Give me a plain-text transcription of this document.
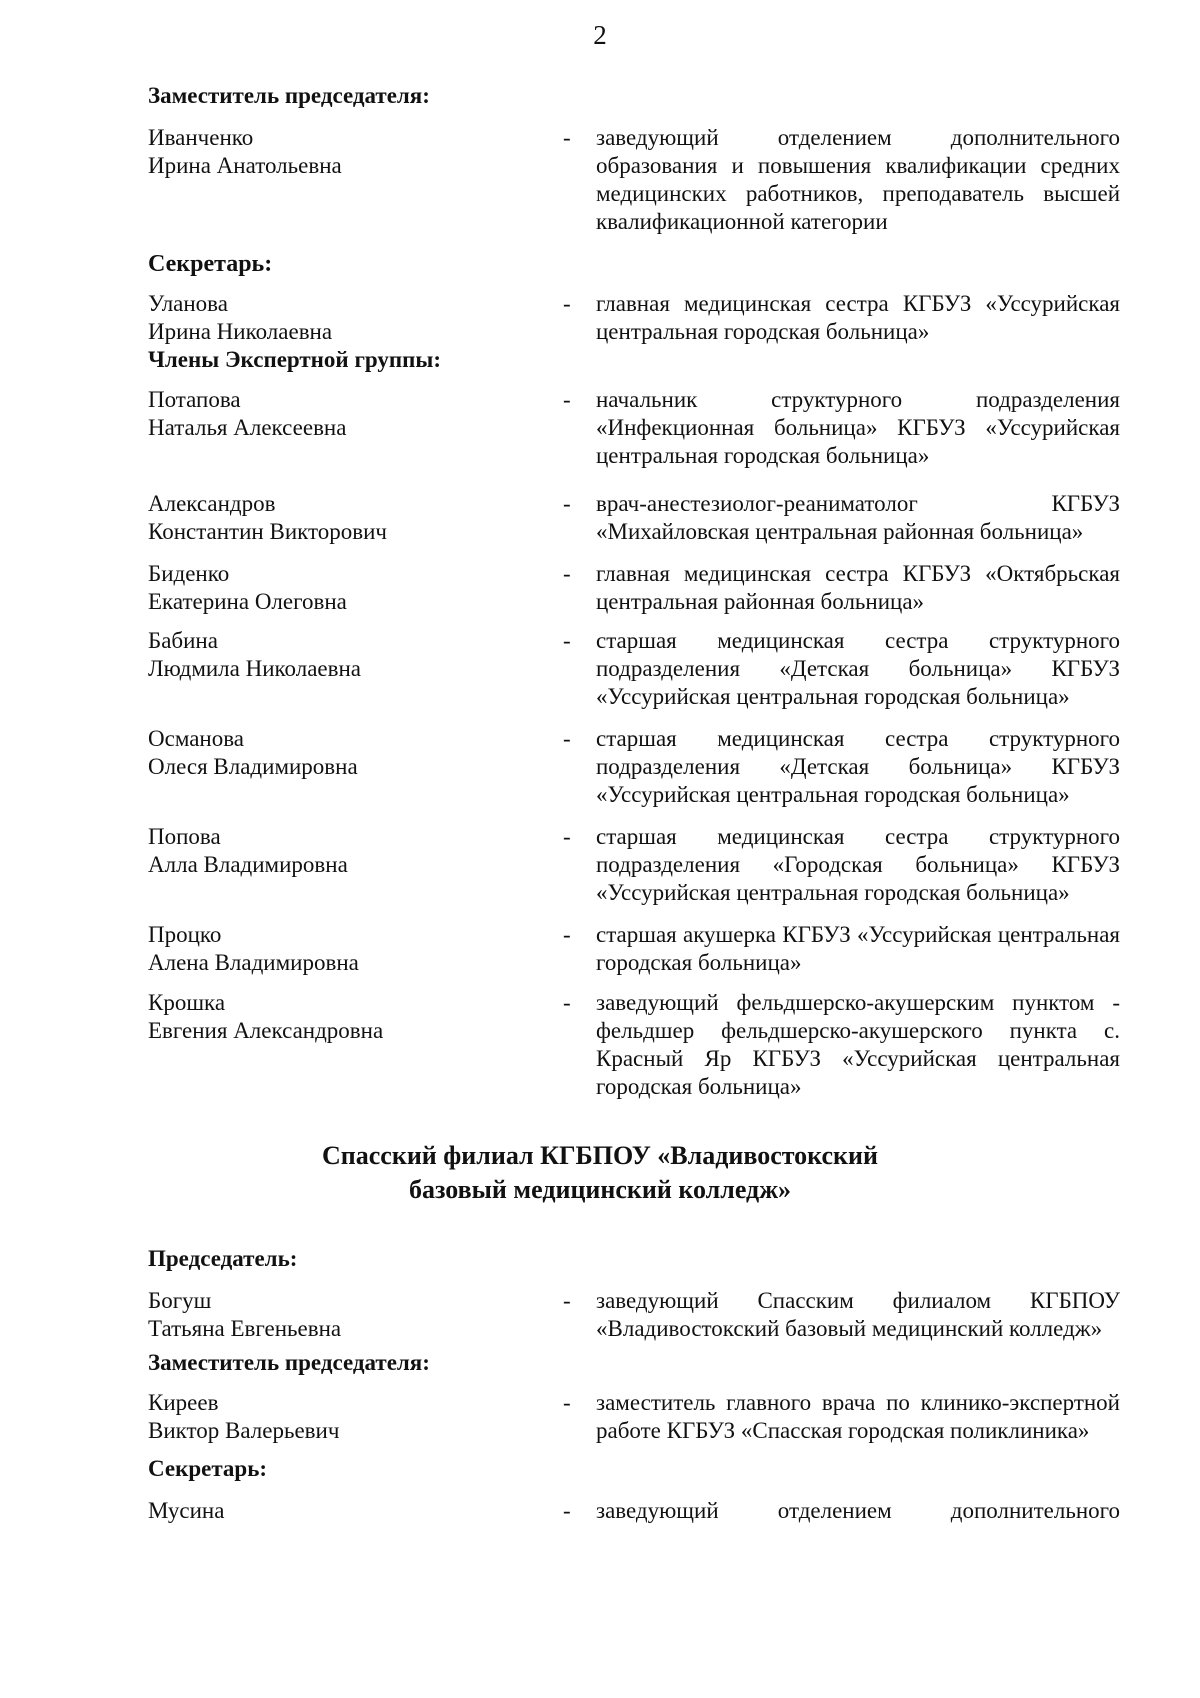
2

Заместитель председателя:

Иванченко
Ирина Анатольевна
-	заведующий отделением дополнительного образования и повышения квалификации средних медицинских работников, преподаватель высшей квалификационной категории

Секретарь:

Уланова
Ирина Николаевна
-	главная медицинская сестра КГБУЗ «Уссурийская центральная городская больница»

Члены Экспертной группы:

Потапова
Наталья Алексеевна
-	начальник структурного подразделения «Инфекционная больница» КГБУЗ «Уссурийская центральная городская больница»
Александров
Константин Викторович
-	врач-анестезиолог-реаниматолог КГБУЗ «Михайловская центральная районная больница»
Биденко
Екатерина Олеговна
-	главная медицинская сестра КГБУЗ «Октябрьская центральная районная больница»
Бабина
Людмила Николаевна
-	старшая медицинская сестра структурного подразделения «Детская больница» КГБУЗ «Уссурийская центральная городская больница»
Османова
Олеся Владимировна
-	старшая медицинская сестра структурного подразделения «Детская больница» КГБУЗ «Уссурийская центральная городская больница»
Попова
Алла Владимировна
-	старшая медицинская сестра структурного подразделения «Городская больница» КГБУЗ «Уссурийская центральная городская больница»
Процко
Алена Владимировна
-	старшая акушерка КГБУЗ «Уссурийская центральная городская больница»
Крошка
Евгения Александровна
-	заведующий фельдшерско-акушерским пунктом - фельдшер фельдшерско-акушерского пункта с. Красный Яр КГБУЗ «Уссурийская центральная городская больница»
Спасский филиал КГБПОУ «Владивостокский
базовый медицинский колледж»

Председатель:

Богуш
Татьяна Евгеньевна
-	заведующий Спасским филиалом КГБПОУ «Владивостокский базовый медицинский колледж»

Заместитель председателя:

Киреев
Виктор Валерьевич
-	заместитель главного врача по клинико-экспертной работе КГБУЗ «Спасская городская поликлиника»

Секретарь:

Мусина	-	заведующий отделением дополнительного
